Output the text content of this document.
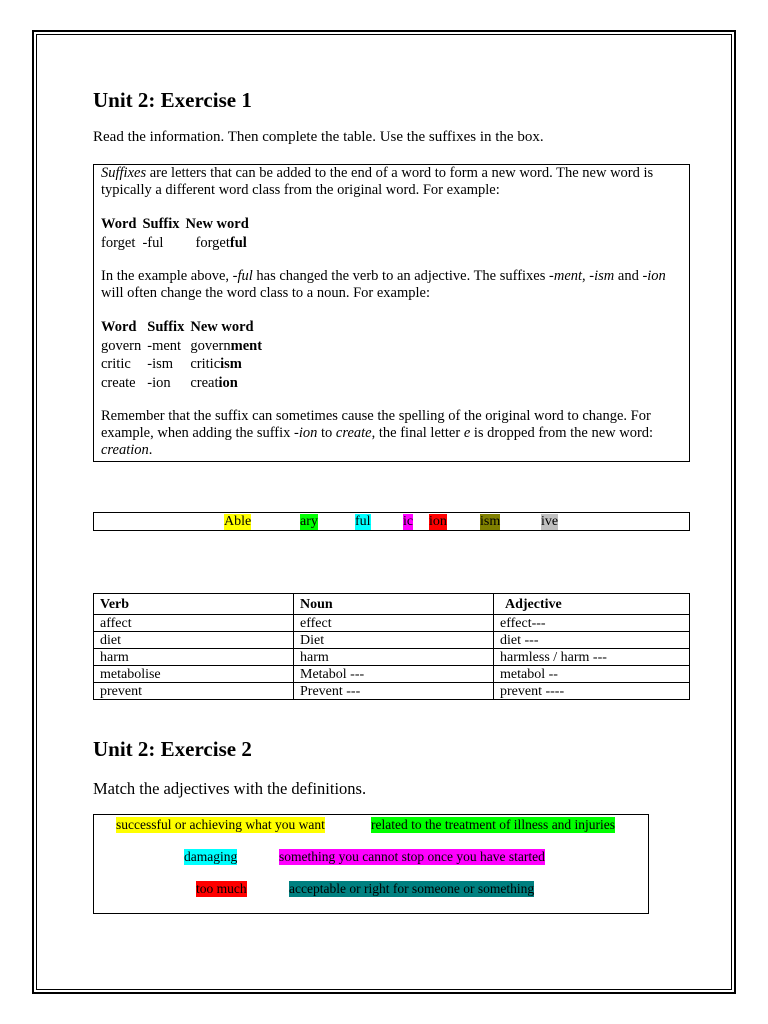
Unit 2: Exercise 1
Read the information. Then complete the table. Use the suffixes in the box.

Suffixes are letters that can be added to the end of a word to form a new word. The new word is typically a different word class from the original word. For example:

Word	Suffix	New word
forget	-ful	forgetful

In the example above, -ful has changed the verb to an adjective. The suffixes -ment, -ism and -ion will often change the word class to a noun. For example:

Word	Suffix	New word
govern	-ment	government
critic	-ism	criticism
create	-ion	creation

Remember that the suffix can sometimes cause the spelling of the original word to change. For example, when adding the suffix -ion to create, the final letter e is dropped from the new word: creation.

Able	ary	ful ic ion ism	ive
Verb	Noun	Adjective
affect	effect	effect---
diet	Diet	diet ---
harm	harm	harmless / harm ---
metabolise	Metabol ---	metabol --
prevent	Prevent ---	prevent ----
Unit 2: Exercise 2
Match the adjectives with the definitions.
successful or achieving what you want	related to the treatment of illness and injuries
damaging	something you cannot stop once you have started
too much	acceptable or right for someone or something
